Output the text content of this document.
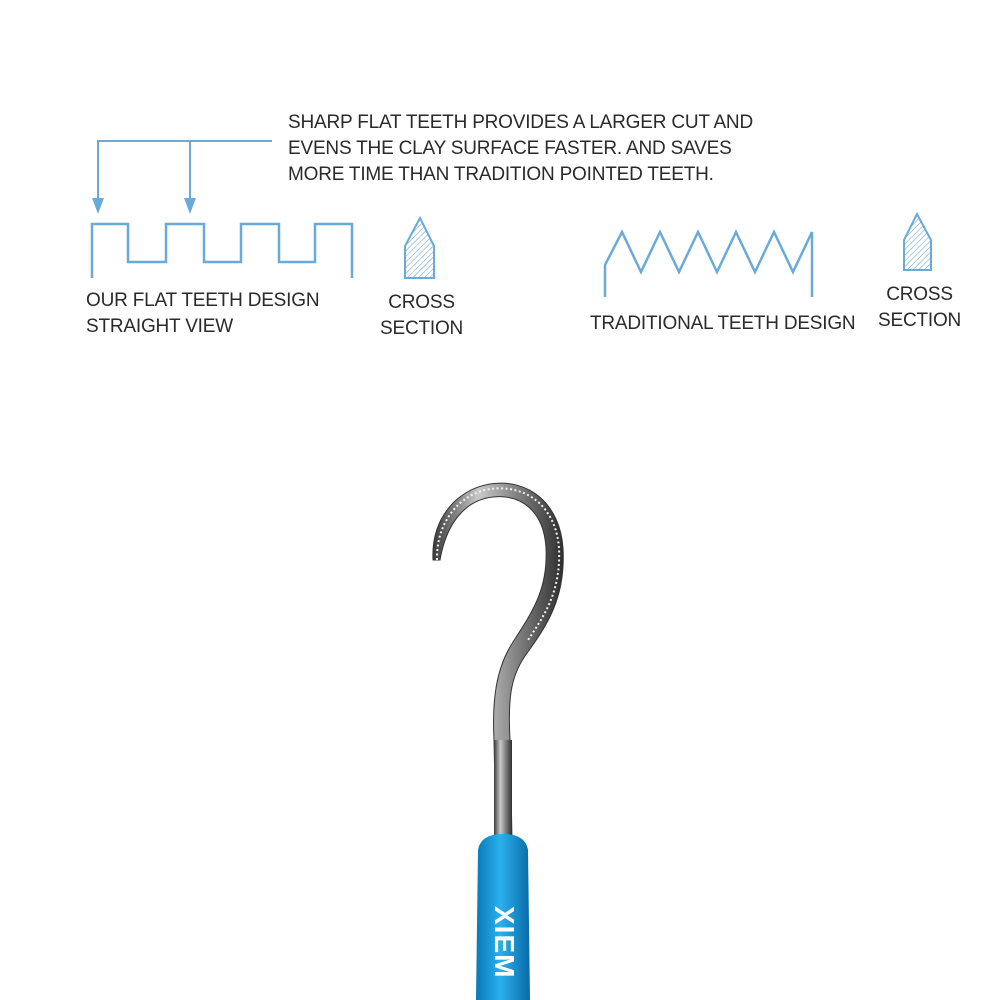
XIEM
SHARP FLAT TEETH PROVIDES A LARGER CUT AND
EVENS THE CLAY SURFACE FASTER. AND SAVES
MORE TIME THAN TRADITION POINTED TEETH.
OUR FLAT TEETH DESIGN
STRAIGHT VIEW
CROSS
SECTION	TRADITIONAL TEETH DESIGN
CROSS
SECTION
